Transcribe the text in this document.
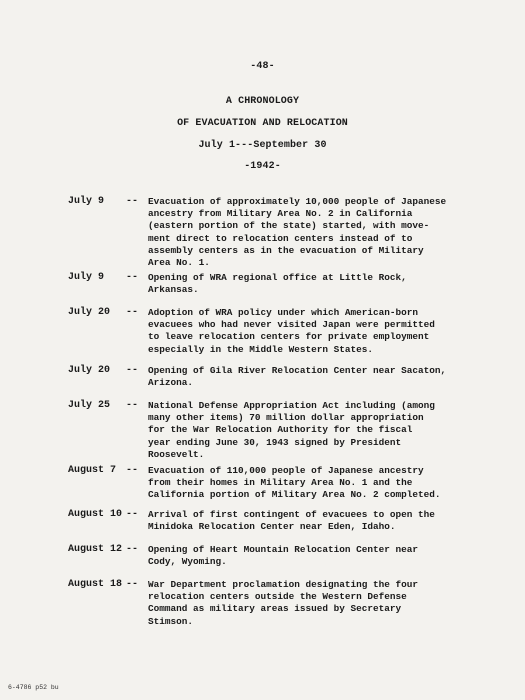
-48-
A CHRONOLOGY
OF EVACUATION AND RELOCATION
July 1---September 30
-1942-
July 9 -- Evacuation of approximately 10,000 people of Japanese
ancestry from Military Area No. 2 in California
(eastern portion of the state) started, with move-
ment direct to relocation centers instead of to
assembly centers as in the evacuation of Military
Area No. 1.
July 9 -- Opening of WRA regional office at Little Rock,
Arkansas.
July 20 -- Adoption of WRA policy under which American-born
evacuees who had never visited Japan were permitted
to leave relocation centers for private employment
especially in the Middle Western States.
July 20 -- Opening of Gila River Relocation Center near Sacaton,
Arizona.
July 25 -- National Defense Appropriation Act including (among
many other items) 70 million dollar appropriation
for the War Relocation Authority for the fiscal
year ending June 30, 1943 signed by President
Roosevelt.
August 7 -- Evacuation of 110,000 people of Japanese ancestry
from their homes in Military Area No. 1 and the
California portion of Military Area No. 2 completed.
August 10 -- Arrival of first contingent of evacuees to open the
Minidoka Relocation Center near Eden, Idaho.
August 12 -- Opening of Heart Mountain Relocation Center near
Cody, Wyoming.
August 18 -- War Department proclamation designating the four
relocation centers outside the Western Defense
Command as military areas issued by Secretary
Stimson.
6-4786 p52 bu
